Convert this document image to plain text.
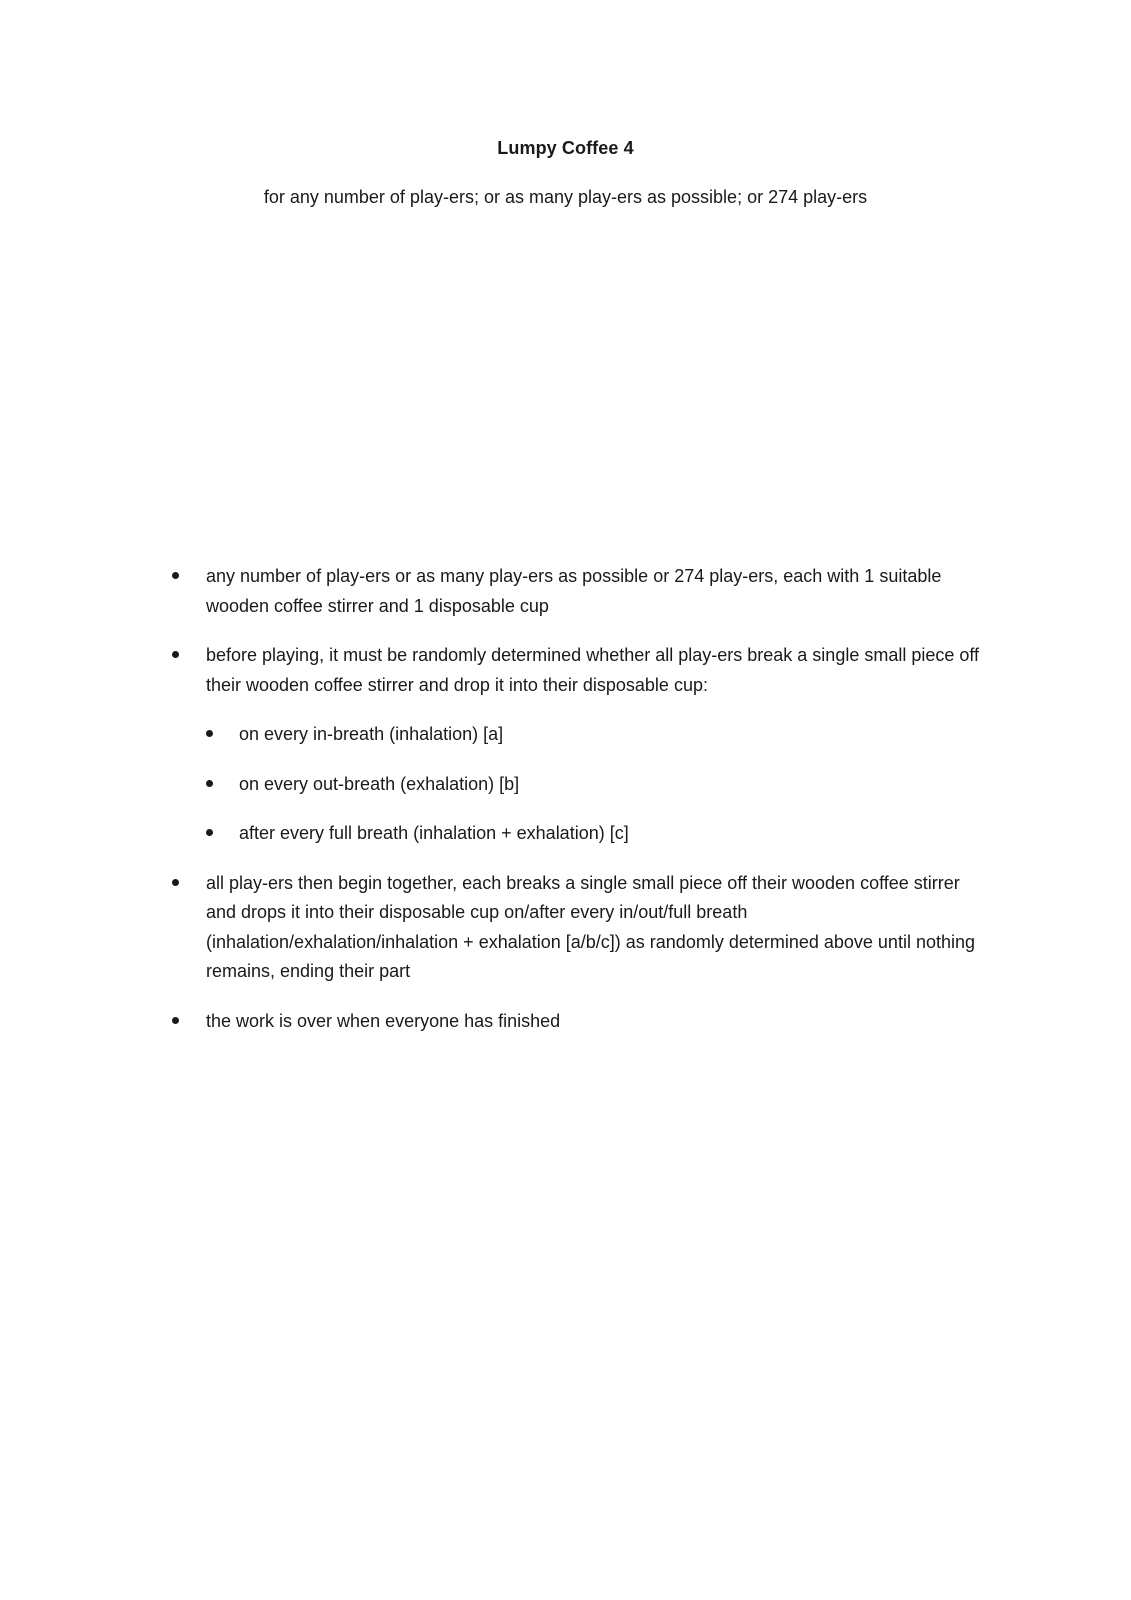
Lumpy Coffee 4
for any number of play-ers; or as many play-ers as possible; or 274 play-ers
any number of play-ers or as many play-ers as possible or 274 play-ers, each with 1 suitable wooden coffee stirrer and 1 disposable cup
before playing, it must be randomly determined whether all play-ers break a single small piece off their wooden coffee stirrer and drop it into their disposable cup:
on every in-breath (inhalation) [a]
on every out-breath (exhalation) [b]
after every full breath (inhalation + exhalation) [c]
all play-ers then begin together, each breaks a single small piece off their wooden coffee stirrer and drops it into their disposable cup on/after every in/out/full breath (inhalation/exhalation/inhalation + exhalation [a/b/c]) as randomly determined above until nothing remains, ending their part
the work is over when everyone has finished
